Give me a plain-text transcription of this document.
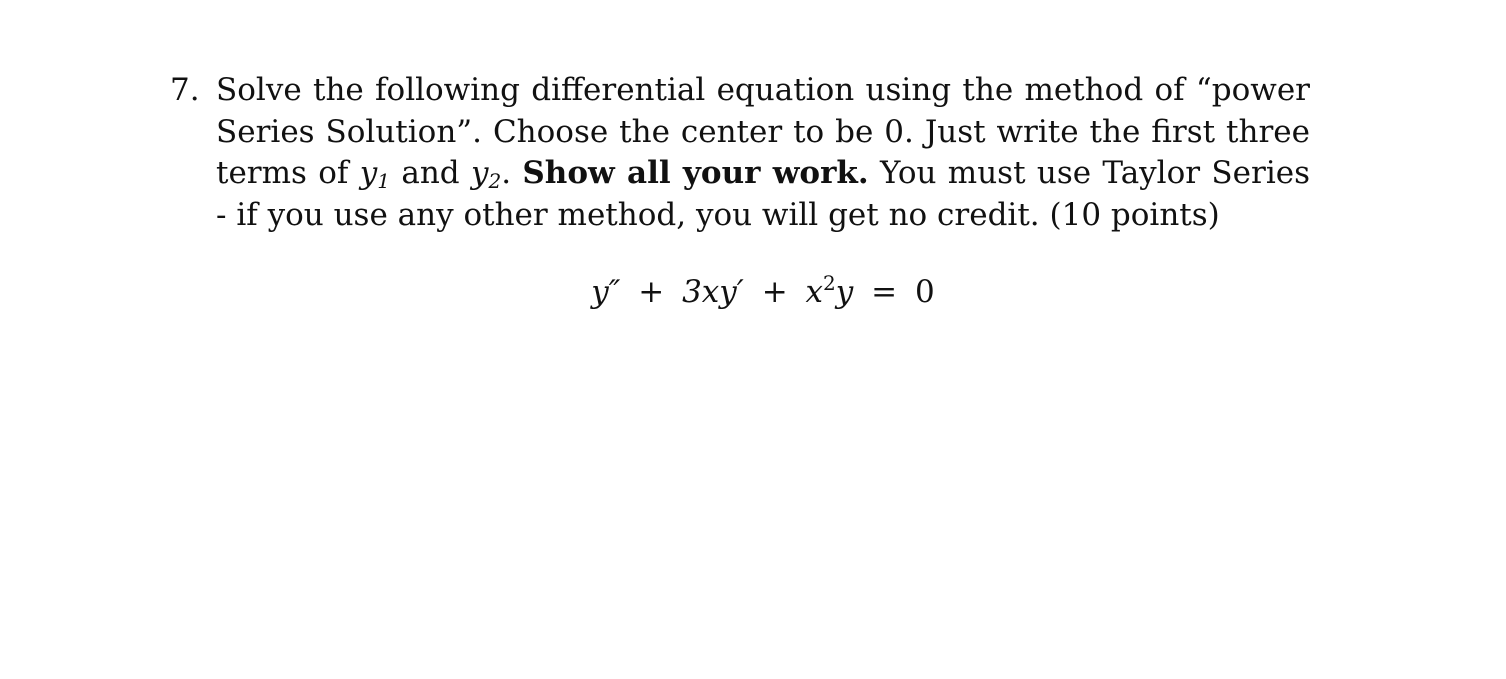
7. Solve the following differential equation using the method of “power Series Solution”. Choose the center to be 0. Just write the first three terms of $y_1$ and $y_2$. Show all your work. You must use Taylor Series - if you use any other method, you will get no credit. (10 points)
$y'' + 3xy' + x^2y = 0$
